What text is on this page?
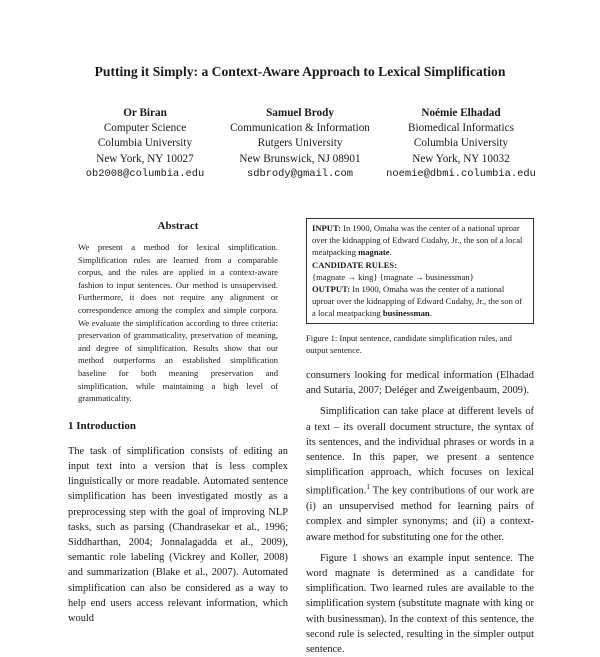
Putting it Simply: a Context-Aware Approach to Lexical Simplification
Or Biran
Computer Science
Columbia University
New York, NY 10027
ob2008@columbia.edu
Samuel Brody
Communication & Information
Rutgers University
New Brunswick, NJ 08901
sdbrody@gmail.com
Noémie Elhadad
Biomedical Informatics
Columbia University
New York, NY 10032
noemie@dbmi.columbia.edu
Abstract
We present a method for lexical simplification. Simplification rules are learned from a comparable corpus, and the rules are applied in a context-aware fashion to input sentences. Our method is unsupervised. Furthermore, it does not require any alignment or correspondence among the complex and simple corpora. We evaluate the simplification according to three criteria: preservation of grammaticality, preservation of meaning, and degree of simplification. Results show that our method outperforms an established simplification baseline for both meaning preservation and simplification, while maintaining a high level of grammaticality.
1 Introduction
The task of simplification consists of editing an input text into a version that is less complex linguistically or more readable. Automated sentence simplification has been investigated mostly as a preprocessing step with the goal of improving NLP tasks, such as parsing (Chandrasekar et al., 1996; Siddharthan, 2004; Jonnalagadda et al., 2009), semantic role labeling (Vickrey and Koller, 2008) and summarization (Blake et al., 2007). Automated simplification can also be considered as a way to help end users access relevant information, which would

INPUT: In 1900, Omaha was the center of a national uproar over the kidnapping of Edward Cudahy, Jr., the son of a local meatpacking magnate.

CANDIDATE RULES:

{magnate → king} {magnate → businessman}

OUTPUT: In 1900, Omaha was the center of a national uproar over the kidnapping of Edward Cudahy, Jr., the son of a local meatpacking businessman.

Figure 1: Input sentence, candidate simplification rules, and output sentence.
consumers looking for medical information (Elhadad and Sutaria, 2007; Deléger and Zweigenbaum, 2009).
Simplification can take place at different levels of a text – its overall document structure, the syntax of its sentences, and the individual phrases or words in a sentence. In this paper, we present a sentence simplification approach, which focuses on lexical simplification.$^1$ The key contributions of our work are (i) an unsupervised method for learning pairs of complex and simpler synonyms; and (ii) a context-aware method for substituting one for the other.
Figure 1 shows an example input sentence. The word magnate is determined as a candidate for simplification. Two learned rules are available to the simplification system (substitute magnate with king or with businessman). In the context of this sentence, the second rule is selected, resulting in the simpler output sentence.
